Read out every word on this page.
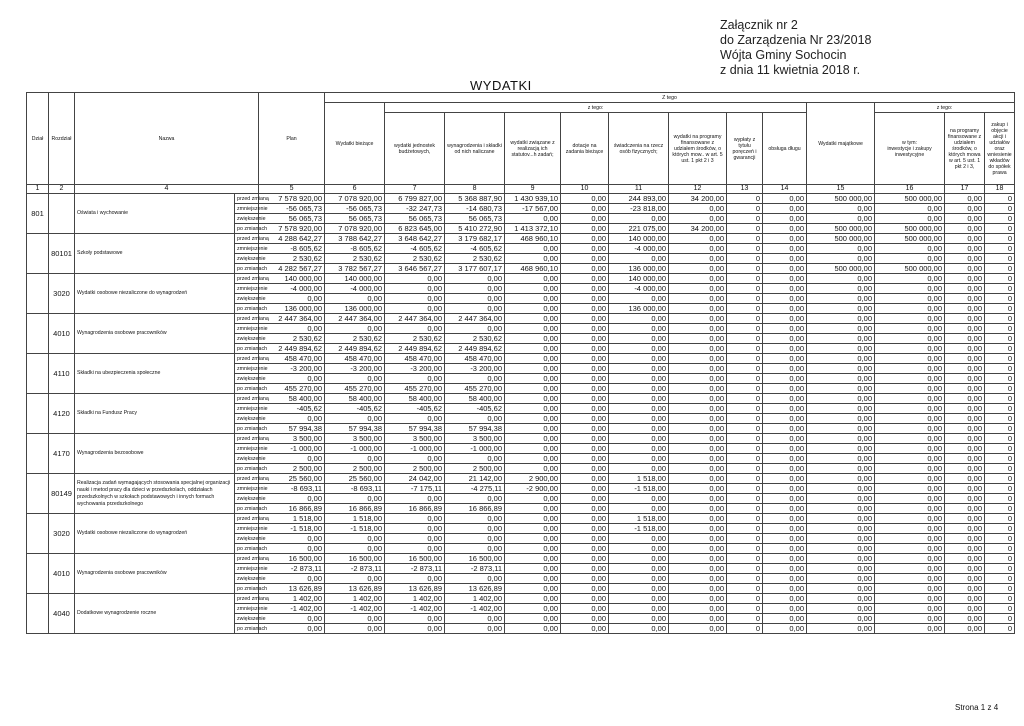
Załącznik nr 2
do Zarządzenia Nr 23/2018
Wójta Gminy Sochocin
z dnia 11 kwietnia 2018 r.
WYDATKI
Dział	Rozdział	Nazwa		Plan	Z tego												
					Wydatki bieżące	z tego:								Wydatki majątkowe	z tego:		
						wydatki jednostek budżetowych,	wynagrodzenia i składki od nich naliczane	wydatki związane z realizacją ich statutov...h zadań;	dotacje na zadania bieżące	świadczenia na rzecz osób fizycznych;	wydatki na programy finansowane z udziałem środków, o których mow.. w art. 5 ust. 1 pkt 2 i 3	wypłaty z tytułu poręczeń i gwarancji	obsługa długu		w tym:
inwestycje i zakupy inwestycyjne	na programy finansowane z udziałem środków, o których mowa w art. 5 ust. 1 pkt 2 i 3,	zakup i objęcie akcji i udziałów oraz wniesienie wkładów do spółek prawa
1	2	4		5	6	7	8	9	10	11	12	13	14	15	16	17	18
801		Oświata i wychowanie	przed zmianą	7 578 920,00	7 078 920,00	6 799 827,00	5 368 887,90	1 430 939,10	0,00	244 893,00	34 200,00	0	0,00	500 000,00	500 000,00	0,00	0
			zmniejszenie	-56 065,73	-56 065,73	-32 247,73	-14 680,73	-17 567,00	0,00	-23 818,00	0,00	0	0,00	0,00	0,00	0,00	0
			zwiększenie	56 065,73	56 065,73	56 065,73	56 065,73	0,00	0,00	0,00	0,00	0	0,00	0,00	0,00	0,00	0
			po zmianach	7 578 920,00	7 078 920,00	6 823 645,00	5 410 272,90	1 413 372,10	0,00	221 075,00	34 200,00	0	0,00	500 000,00	500 000,00	0,00	0
	80101	Szkoły podstawowe	przed zmianą	4 288 642,27	3 788 642,27	3 648 642,27	3 179 682,17	468 960,10	0,00	140 000,00	0,00	0	0,00	500 000,00	500 000,00	0,00	0
			zmniejszenie	-8 605,62	-8 605,62	-4 605,62	-4 605,62	0,00	0,00	-4 000,00	0,00	0	0,00	0,00	0,00	0,00	0
			zwiększenie	2 530,62	2 530,62	2 530,62	2 530,62	0,00	0,00	0,00	0,00	0	0,00	0,00	0,00	0,00	0
			po zmianach	4 282 567,27	3 782 567,27	3 646 567,27	3 177 607,17	468 960,10	0,00	136 000,00	0,00	0	0,00	500 000,00	500 000,00	0,00	0
	3020	Wydatki osobowe niezaliczone do wynagrodzeń	przed zmianą	140 000,00	140 000,00	0,00	0,00	0,00	0,00	140 000,00	0,00	0	0,00	0,00	0,00	0,00	0
			zmniejszenie	-4 000,00	-4 000,00	0,00	0,00	0,00	0,00	-4 000,00	0,00	0	0,00	0,00	0,00	0,00	0
			zwiększenie	0,00	0,00	0,00	0,00	0,00	0,00	0,00	0,00	0	0,00	0,00	0,00	0,00	0
			po zmianach	136 000,00	136 000,00	0,00	0,00	0,00	0,00	136 000,00	0,00	0	0,00	0,00	0,00	0,00	0
	4010	Wynagrodzenia osobowe pracowników	przed zmianą	2 447 364,00	2 447 364,00	2 447 364,00	2 447 364,00	0,00	0,00	0,00	0,00	0	0,00	0,00	0,00	0,00	0
			zmniejszenie	0,00	0,00	0,00	0,00	0,00	0,00	0,00	0,00	0	0,00	0,00	0,00	0,00	0
			zwiększenie	2 530,62	2 530,62	2 530,62	2 530,62	0,00	0,00	0,00	0,00	0	0,00	0,00	0,00	0,00	0
			po zmianach	2 449 894,62	2 449 894,62	2 449 894,62	2 449 894,62	0,00	0,00	0,00	0,00	0	0,00	0,00	0,00	0,00	0
	4110	Składki na ubezpieczenia społeczne	przed zmianą	458 470,00	458 470,00	458 470,00	458 470,00	0,00	0,00	0,00	0,00	0	0,00	0,00	0,00	0,00	0
			zmniejszenie	-3 200,00	-3 200,00	-3 200,00	-3 200,00	0,00	0,00	0,00	0,00	0	0,00	0,00	0,00	0,00	0
			zwiększenie	0,00	0,00	0,00	0,00	0,00	0,00	0,00	0,00	0	0,00	0,00	0,00	0,00	0
			po zmianach	455 270,00	455 270,00	455 270,00	455 270,00	0,00	0,00	0,00	0,00	0	0,00	0,00	0,00	0,00	0
	4120	Składki na Fundusz Pracy	przed zmianą	58 400,00	58 400,00	58 400,00	58 400,00	0,00	0,00	0,00	0,00	0	0,00	0,00	0,00	0,00	0
			zmniejszenie	-405,62	-405,62	-405,62	-405,62	0,00	0,00	0,00	0,00	0	0,00	0,00	0,00	0,00	0
			zwiększenie	0,00	0,00	0,00	0,00	0,00	0,00	0,00	0,00	0	0,00	0,00	0,00	0,00	0
			po zmianach	57 994,38	57 994,38	57 994,38	57 994,38	0,00	0,00	0,00	0,00	0	0,00	0,00	0,00	0,00	0
	4170	Wynagrodzenia bezosobowe	przed zmianą	3 500,00	3 500,00	3 500,00	3 500,00	0,00	0,00	0,00	0,00	0	0,00	0,00	0,00	0,00	0
			zmniejszenie	-1 000,00	-1 000,00	-1 000,00	-1 000,00	0,00	0,00	0,00	0,00	0	0,00	0,00	0,00	0,00	0
			zwiększenie	0,00	0,00	0,00	0,00	0,00	0,00	0,00	0,00	0	0,00	0,00	0,00	0,00	0
			po zmianach	2 500,00	2 500,00	2 500,00	2 500,00	0,00	0,00	0,00	0,00	0	0,00	0,00	0,00	0,00	0
	80149	Realizacja zadań wymagających stosowania specjalnej organizacji nauki i metod pracy dla dzieci w przedszkolach, oddziałach przedszkolnych w szkołach podstawowych i innych formach wychowania przedszkolnego	przed zmianą	25 560,00	25 560,00	24 042,00	21 142,00	2 900,00	0,00	1 518,00	0,00	0	0,00	0,00	0,00	0,00	0
			zmniejszenie	-8 693,11	-8 693,11	-7 175,11	-4 275,11	-2 900,00	0,00	-1 518,00	0,00	0	0,00	0,00	0,00	0,00	0
			zwiększenie	0,00	0,00	0,00	0,00	0,00	0,00	0,00	0,00	0	0,00	0,00	0,00	0,00	0
			po zmianach	16 866,89	16 866,89	16 866,89	16 866,89	0,00	0,00	0,00	0,00	0	0,00	0,00	0,00	0,00	0
	3020	Wydatki osobowe niezaliczone do wynagrodzeń	przed zmianą	1 518,00	1 518,00	0,00	0,00	0,00	0,00	1 518,00	0,00	0	0,00	0,00	0,00	0,00	0
			zmniejszenie	-1 518,00	-1 518,00	0,00	0,00	0,00	0,00	-1 518,00	0,00	0	0,00	0,00	0,00	0,00	0
			zwiększenie	0,00	0,00	0,00	0,00	0,00	0,00	0,00	0,00	0	0,00	0,00	0,00	0,00	0
			po zmianach	0,00	0,00	0,00	0,00	0,00	0,00	0,00	0,00	0	0,00	0,00	0,00	0,00	0
	4010	Wynagrodzenia osobowe pracowników	przed zmianą	16 500,00	16 500,00	16 500,00	16 500,00	0,00	0,00	0,00	0,00	0	0,00	0,00	0,00	0,00	0
			zmniejszenie	-2 873,11	-2 873,11	-2 873,11	-2 873,11	0,00	0,00	0,00	0,00	0	0,00	0,00	0,00	0,00	0
			zwiększenie	0,00	0,00	0,00	0,00	0,00	0,00	0,00	0,00	0	0,00	0,00	0,00	0,00	0
			po zmianach	13 626,89	13 626,89	13 626,89	13 626,89	0,00	0,00	0,00	0,00	0	0,00	0,00	0,00	0,00	0
	4040	Dodatkowe wynagrodzenie roczne	przed zmianą	1 402,00	1 402,00	1 402,00	1 402,00	0,00	0,00	0,00	0,00	0	0,00	0,00	0,00	0,00	0
			zmniejszenie	-1 402,00	-1 402,00	-1 402,00	-1 402,00	0,00	0,00	0,00	0,00	0	0,00	0,00	0,00	0,00	0
			zwiększenie	0,00	0,00	0,00	0,00	0,00	0,00	0,00	0,00	0	0,00	0,00	0,00	0,00	0
			po zmianach	0,00	0,00	0,00	0,00	0,00	0,00	0,00	0,00	0	0,00	0,00	0,00	0,00	0
Strona 1 z 4
